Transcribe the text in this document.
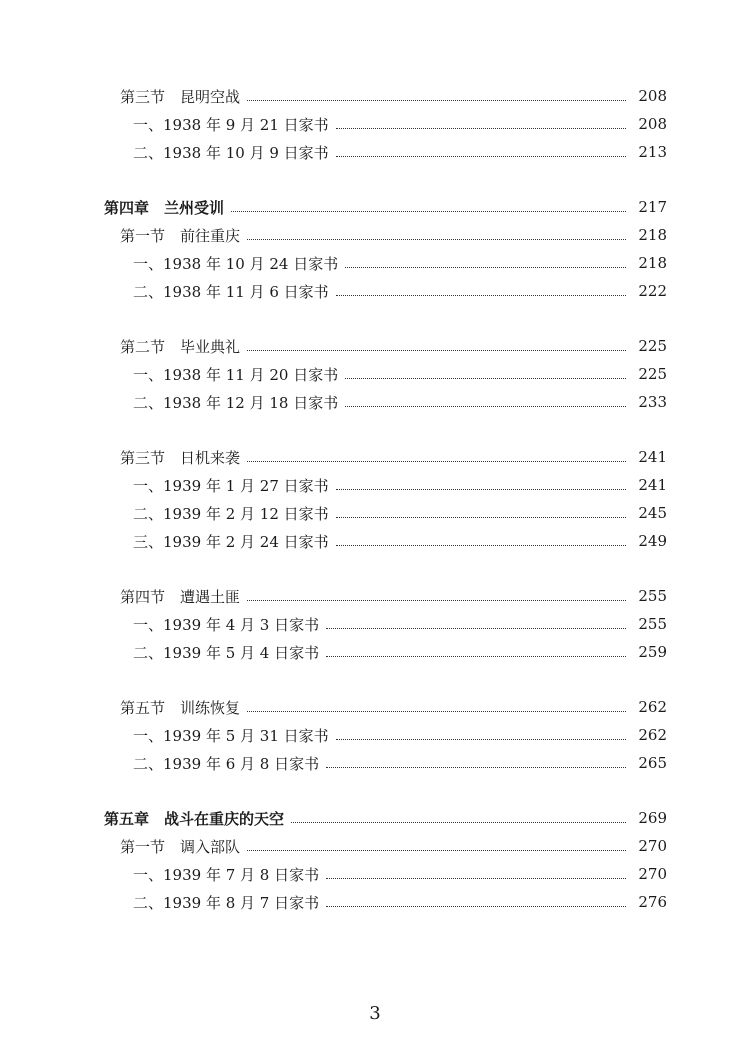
第三节　昆明空战	208
一、1938 年 9 月 21 日家书	208
二、1938 年 10 月 9 日家书	213
第四章　兰州受训	217
第一节　前往重庆	218
一、1938 年 10 月 24 日家书	218
二、1938 年 11 月 6 日家书	222
第二节　毕业典礼	225
一、1938 年 11 月 20 日家书	225
二、1938 年 12 月 18 日家书	233
第三节　日机来袭	241
一、1939 年 1 月 27 日家书	241
二、1939 年 2 月 12 日家书	245
三、1939 年 2 月 24 日家书	249
第四节　遭遇土匪	255
一、1939 年 4 月 3 日家书	255
二、1939 年 5 月 4 日家书	259
第五节　训练恢复	262
一、1939 年 5 月 31 日家书	262
二、1939 年 6 月 8 日家书	265
第五章　战斗在重庆的天空	269
第一节　调入部队	270
一、1939 年 7 月 8 日家书	270
二、1939 年 8 月 7 日家书	276
3
